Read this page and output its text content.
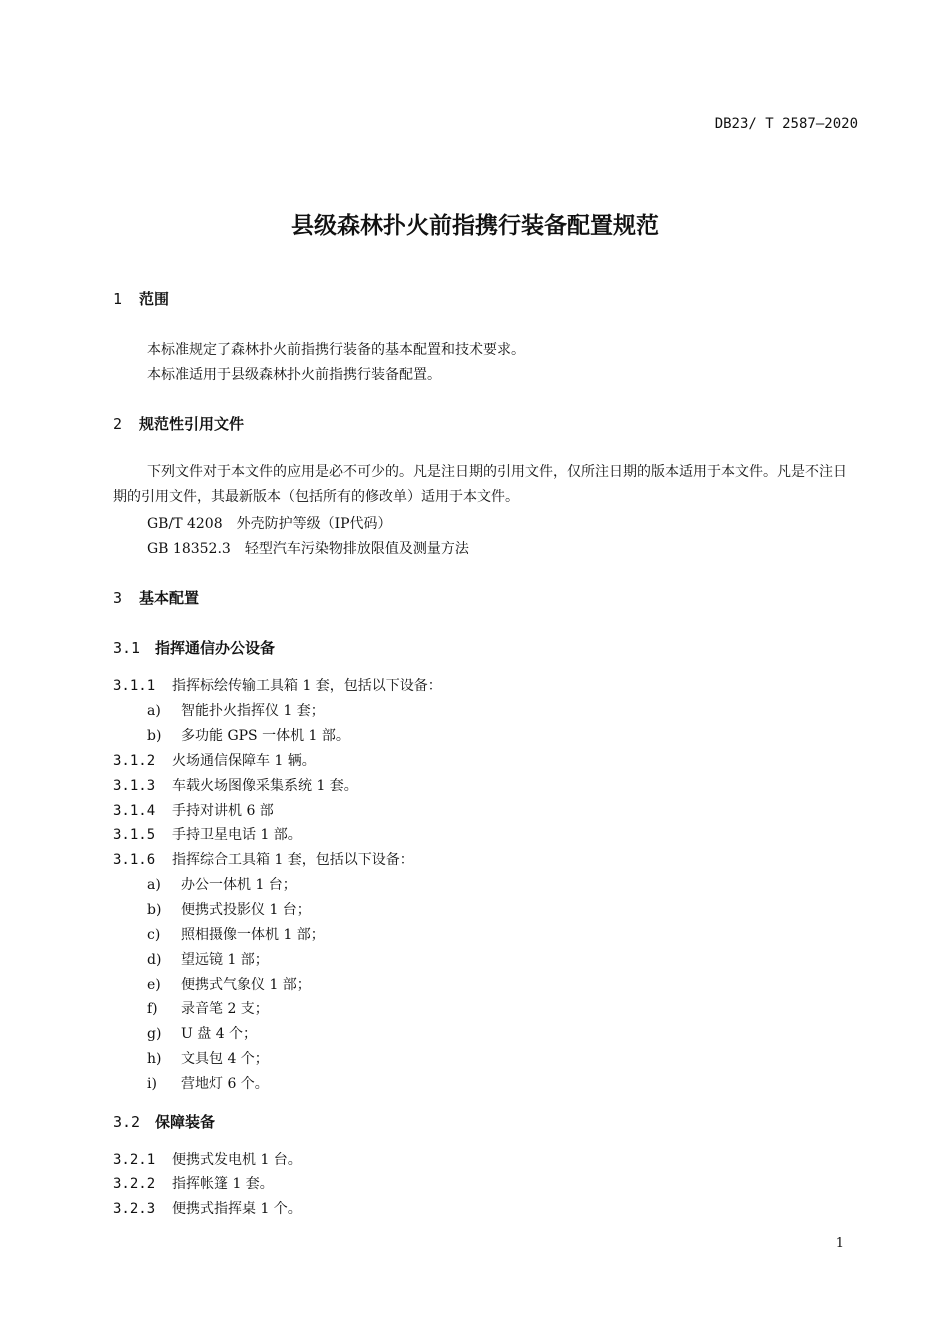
DB23/ T 2587—2020
县级森林扑火前指携行装备配置规范
1 范围
本标准规定了森林扑火前指携行装备的基本配置和技术要求。
本标准适用于县级森林扑火前指携行装备配置。
2 规范性引用文件
下列文件对于本文件的应用是必不可少的。凡是注日期的引用文件，仅所注日期的版本适用于本文件。凡是不注日期的引用文件，其最新版本（包括所有的修改单）适用于本文件。
GB/T 4208　外壳防护等级（IP代码）
GB 18352.3　轻型汽车污染物排放限值及测量方法
3 基本配置
3.1 指挥通信办公设备
3.1.1 指挥标绘传输工具箱 1 套，包括以下设备：
a) 智能扑火指挥仪 1 套；
b) 多功能 GPS 一体机 1 部。
3.1.2 火场通信保障车 1 辆。
3.1.3 车载火场图像采集系统 1 套。
3.1.4 手持对讲机 6 部
3.1.5 手持卫星电话 1 部。
3.1.6 指挥综合工具箱 1 套，包括以下设备：
a) 办公一体机 1 台；
b) 便携式投影仪 1 台；
c) 照相摄像一体机 1 部；
d) 望远镜 1 部；
e) 便携式气象仪 1 部；
f) 录音笔 2 支；
g) U 盘 4 个；
h) 文具包 4 个；
i) 营地灯 6 个。
3.2 保障装备
3.2.1 便携式发电机 1 台。
3.2.2 指挥帐篷 1 套。
3.2.3 便携式指挥桌 1 个。
1
